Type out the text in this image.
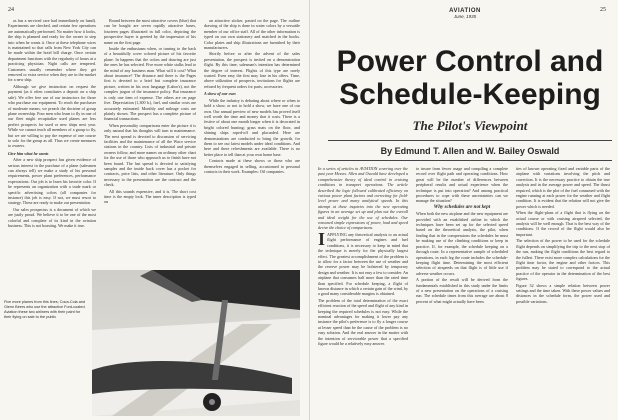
24

as has a serviced care had immediately on hand). Experiments are checked, and certain few operations are automatically performed. No matter how it looks, the ship is planned and ready for the owner to step into when he wants it. Once at these telephone wires is maintained so that calls from New York City can be made within the hotel bill charge. Once certain department functions with the regularity of hours at a practicing physician. Night calls are tempered. Customers usually remember where they get removed or extra service when they are in the market for a new ship.

Although we give instruction on request the payment (as it often constitutes a deposit on a ship sale). We offer free use of our instructors for those who purchase our equipment. To reach the purchaser of moderate means, we preach the doctrine of group plane ownership. Four men who learn to fly in one of our fleet might recapitalize used planes are less perfect prospects for used or new ships next year. While we cannot teach all members of a group to fly, but we are willing to pay the expense of one course to solo for the group as all. Thus we create measures to owners.

Give him what he wants

After a new ship prospect has given evidence of serious interest in the purchase of a plane (salesmen can always tell) we make a study of his personal requirements, power plant preferences, performance expectations. Our job is to learn his favorite color. If he represents an organization with a trade mark or specific advertising colors (all companies for instance) this job is easy. If not, we must resort to strategy. These are ready to make out presentation.

Our sales prospectus is a document of which we are justly proud. We believe it to be one of the most colorful and complete of its kind in the aviation business. This is not boasting. We make it true.

Bound between the most attractive covers (blue) that can be bought are seven rapidly attractive bases, fourteen pages illustrated in full color, depicting the prospective buyer is greeted by the impression of his name on the first page.

Inside the enthusiasm when, or turning to the back of a beautifully cover colored picture of his favorite plane. In happens that the colors and drawing are just the ones he has selected. Five more white stalks lead to the mind of any business man. What will it cost? What about insurance? The distance and there is the Pages first is devoted to a brief but complete insurance picture, written in his own language (Labor's), not the complex jargon of the insurance policy. But insurance is only one item of expense. The others are on page five. Depreciation (1,300 h.), fuel, and similar costs are accurately estimated. Monthly and mileage costs are plainly shown. The prospect has a complete picture of financial transactions.

When personality comparisons enter the picture it is only natural that his thoughts will turn to maintenance. The next spread is devoted to discussion of servicing facilities and the maintenance of all the Waco service stations in the country. Lists of industrial and private owners follow, and more names on ordinary other chart for the use of those who approach us to finish have not been found. The last spread is devoted to satisfying samples and the inside back cover has a pocket for contracts, price lists, and other literature. Only things necessary to the presentation are the contract and the check.

All this sounds expensive, and it is. The short cost time is the empty look. The inner description is typed on

an attractive sticker, pasted on the page. The outline drawing of the ship is done in water colors by a versatile member of our office staff. All of the other information is typed on our own stationery and matched in the books. Color plates and ship illustrations are furnished by their manufacturers.

Shortly before or after the advent of the sales presentation, the prospect is invited on a demonstration flight. By this time, salesman's intention has determined the degree of interest. Flights of this type are rarely wasted. Even easy the first may lose in his offers. Time, above utilization of prospects, invitations for flights are refused by frequent orders for parts, accessories.

A show of our own

While the industry is debating about where or when to hold a show, or not to hold a show, we have one of our own. Our annual preview of new models has proved itself well worth the time and money that it costs. There is a festive of about one month longer when it is decorated in bright colored bunting; grass mats on the floor, and shining ships roped-off and placarded. Here are demonstrations are conducted to bring the growth, for them to see our latest models under ideal conditions. And here and there refreshments are available. There is no better place to tell than at your own home base.

Contacts made at these shows or those who are themselves engaged in selling, accustomed to personal contacts in their work. Examples: Oil companies.

Five more planes from this lines; Coca-Cola and Glenn Beers who use the attractive Ford-coated. Aviation these two airliners with their paint for their flying on sale to the public
AVIATION
June, 1935
25
Power Control and
Schedule-Keeping
The Pilot's Viewpoint
By Edmund T. Allen and W. Bailey Oswald

In a series of articles in AVIATION covering over the past year Messrs. Allen and Oswald have developed a comprehensive theory of ideal control in cruising conditions in transport operations. The article described the logic followed calibrated efficiency on various power plant factors and correcting for field-level power and many analytical speeds. In this attempt at these inquiries into the new operating figures in an average set up and plan out the overall and ideal weight for the use of schedules. Our reasoned simple expressions of power, load and speed derive the choice of comparisons.

IAPPLYING any theoretical analysis to an actual flight performance of engines and fuel conditions, it is necessary to keep in mind that the technique is merely for the physically largest effect. The greatest accomplishment of the problem is to allow for a factor between the use of weather and the reserve power may be bolstered by temporary design and weather. It is not easy a few to consider. An airplane that consumes half more than the rated time than specified. For schedule keeping, a flight of known distance in which a certain gain of the wind, by a good many considerable margins is obtained.

The problem of the total determination of the exact efficient reaction of the speed and flight of any kind in keeping the required schedules is not easy. While the nominal advantages for making it lower pay any instance the pilot's preference is to fly a longer course at lesser speed than be the cause of the problem is no easy solution. And the real answer in the matter with the intention of serviceable power that a specified figure would be a relatively easy answer.

to insure from fewer usage and compiling a complete record over flight path and operating conditions. How great will be the number of differences between peripheral results and actual experience when the technique is put into operation? And among practical procedures to cope with these uncertainties can we manage the situation?

Why schedules are not kept

When both the new airplane and the new equipment are provided with an established airline in which the techniques have been set up for the selected speed based on the theoretical analysis, the pilot, when finding that in the compressions the schedules he must be making use of the climbing conditions or keep in practice. If, for example, the schedule keeping on a through route. In a representative sample of scheduled operations, in each leg the route includes the schedule-keeping flight time. Determining the most efficient selection of airspeeds on that flight is of little use if adverse weather occurs.

A portion of the result will be derived from the fundamentals established in this study under the limits of a new presentation on the operations of a cruising run. The schedule times from this average are about 8 percent of what might actually have been.

ties of known operating fixed and variable parts of the airplane with variations involving the pitch and correction. It is the necessary practice to obtain the true analysis and in the average power and speed. The thrust required, which is the plot of the fuel consumed with the engine running at each power for the weather and flight condition. It is evident that the relation will not give the power which is needed.

When the flight-plans of a flight that is flying on the actual course or with cruising airspeed selected, the analysis will be well enough. That is the best way of the conditions. If the record of the flight would also be important.

The selection of the power to be used for the schedule flight depends on simplifying the trip to the next stop of the run, making the flight conditions the best regard to the fullest. There exist more complex calculations for the flight time factor, the engine and other factors. This problem may be stated to correspond to the actual practice of the operator in the determination of the best figures.

Figure 32 shows a simple relation between power settings and the time taken. With these power values and distances in the schedule form, the power used and possible variations.
